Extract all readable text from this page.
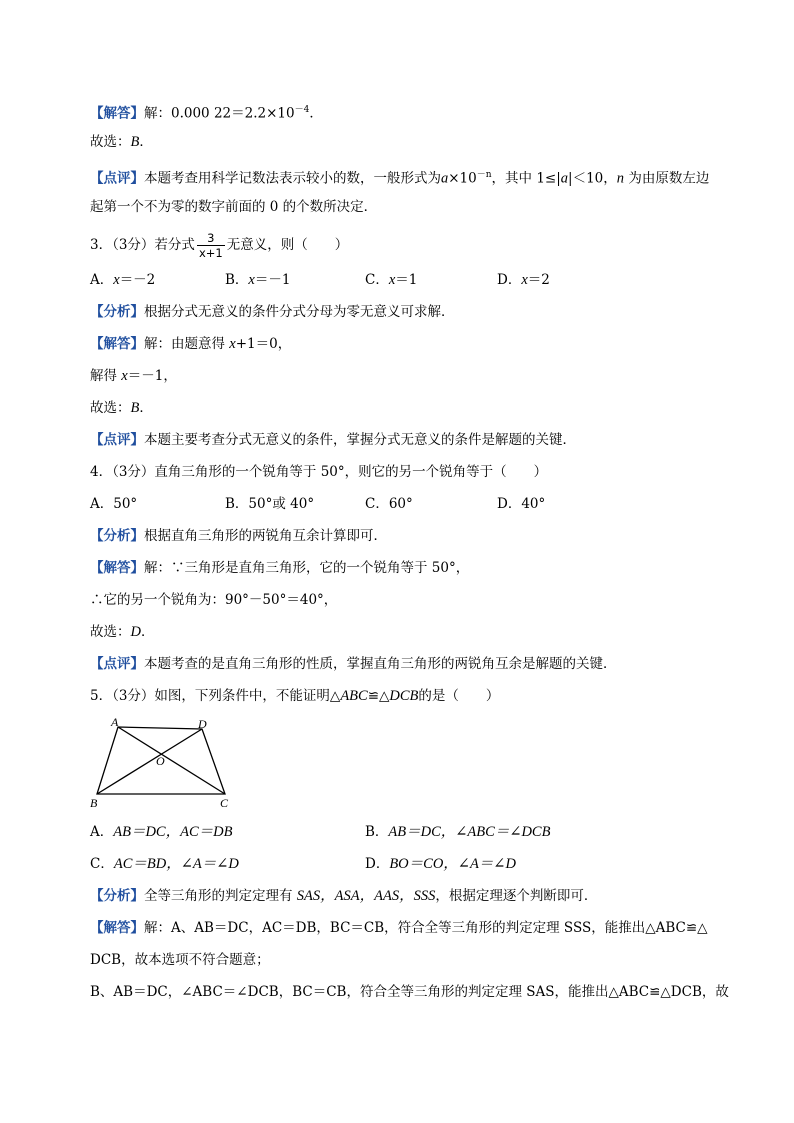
【解答】解：0.000 $22=2.2\times 10^{-4}$．
故选：B．
【点评】本题考查用科学记数法表示较小的数，一般形式为$a\times 10^{-n}$，其中 1≤|a|＜10，n 为由原数左边
起第一个不为零的数字前面的 0 的个数所决定．
3．（3分）若分式 $\frac{3}{x+1}$ 无意义，则（　　）
A．x＝－2	B．x＝－1	C．x＝1	D．x＝2
【分析】根据分式无意义的条件分式分母为零无意义可求解．
【解答】解：由题意得 x+1＝0，
解得 x＝－1，
故选：B．
【点评】本题主要考查分式无意义的条件，掌握分式无意义的条件是解题的关键．
4．（3分）直角三角形的一个锐角等于 50°，则它的另一个锐角等于（　　）
A．50°	B．50°或 40°	C．60°	D．40°
【分析】根据直角三角形的两锐角互余计算即可．
【解答】解：∵三角形是直角三角形，它的一个锐角等于 50°，
∴它的另一个锐角为：90°－50°＝40°，
故选：D．
【点评】本题考查的是直角三角形的性质，掌握直角三角形的两锐角互余是解题的关键．
5．（3分）如图，下列条件中，不能证明△ABC≌△DCB的是（　　）
A	D
O
B	C
A．AB＝DC，AC＝DB	B．AB＝DC，∠ABC＝∠DCB
C．AC＝BD，∠A＝∠D	D．BO＝CO，∠A＝∠D
【分析】全等三角形的判定定理有 SAS，ASA，AAS，SSS，根据定理逐个判断即可．
【解答】解：A、AB＝DC，AC＝DB，BC＝CB，符合全等三角形的判定定理 SSS，能推出△ABC≌△
DCB，故本选项不符合题意；
B、AB＝DC，∠ABC＝∠DCB，BC＝CB，符合全等三角形的判定定理 SAS，能推出△ABC≌△DCB，故
